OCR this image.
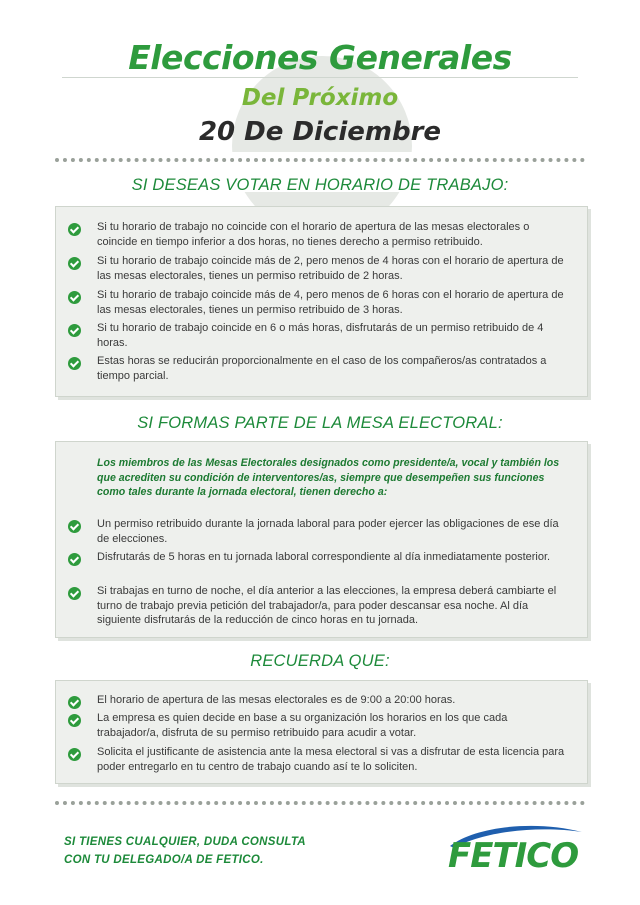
Elecciones Generales
Del Próximo
20 De Diciembre
SI DESEAS VOTAR EN HORARIO DE TRABAJO:
Si tu horario de trabajo no coincide con el horario de apertura de las mesas electorales o coincide en tiempo inferior a dos horas, no tienes derecho a permiso retribuido.
Si tu horario de trabajo coincide más de 2, pero menos de 4 horas con el horario de apertura de las mesas electorales, tienes un permiso retribuido de 2 horas.
Si tu horario de trabajo coincide más de 4, pero menos de 6 horas con el horario de apertura de las mesas electorales, tienes un permiso retribuido de 3 horas.
Si tu horario de trabajo coincide en 6 o más horas, disfrutarás de un permiso retribuido de 4 horas.
Estas horas se reducirán proporcionalmente en el caso de los compañeros/as contratados a tiempo parcial.
SI FORMAS PARTE DE LA MESA ELECTORAL:
Los miembros de las Mesas Electorales designados como presidente/a, vocal y también los que acrediten su condición de interventores/as, siempre que desempeñen sus funciones como tales durante la jornada electoral, tienen derecho a:
Un permiso retribuido durante la jornada laboral para poder ejercer las obligaciones de ese día de elecciones.
Disfrutarás de 5 horas en tu jornada laboral correspondiente al día inmediatamente posterior.
Si trabajas en turno de noche, el día anterior a las elecciones, la empresa deberá cambiarte el turno de trabajo previa petición del trabajador/a, para poder descansar esa noche. Al día siguiente disfrutarás de la reducción de cinco horas en tu jornada.
RECUERDA QUE:
El horario de apertura de las mesas electorales es de 9:00 a 20:00 horas.
La empresa es quien decide en base a su organización los horarios en los que cada trabajador/a, disfruta de su permiso retribuido para acudir a votar.
Solicita el justificante de asistencia ante la mesa electoral si vas a disfrutar de esta licencia para poder entregarlo en tu centro de trabajo cuando así te lo soliciten.
SI TIENES CUALQUIER, DUDA CONSULTA
CON TU DELEGADO/A DE FETICO.	FETICO
